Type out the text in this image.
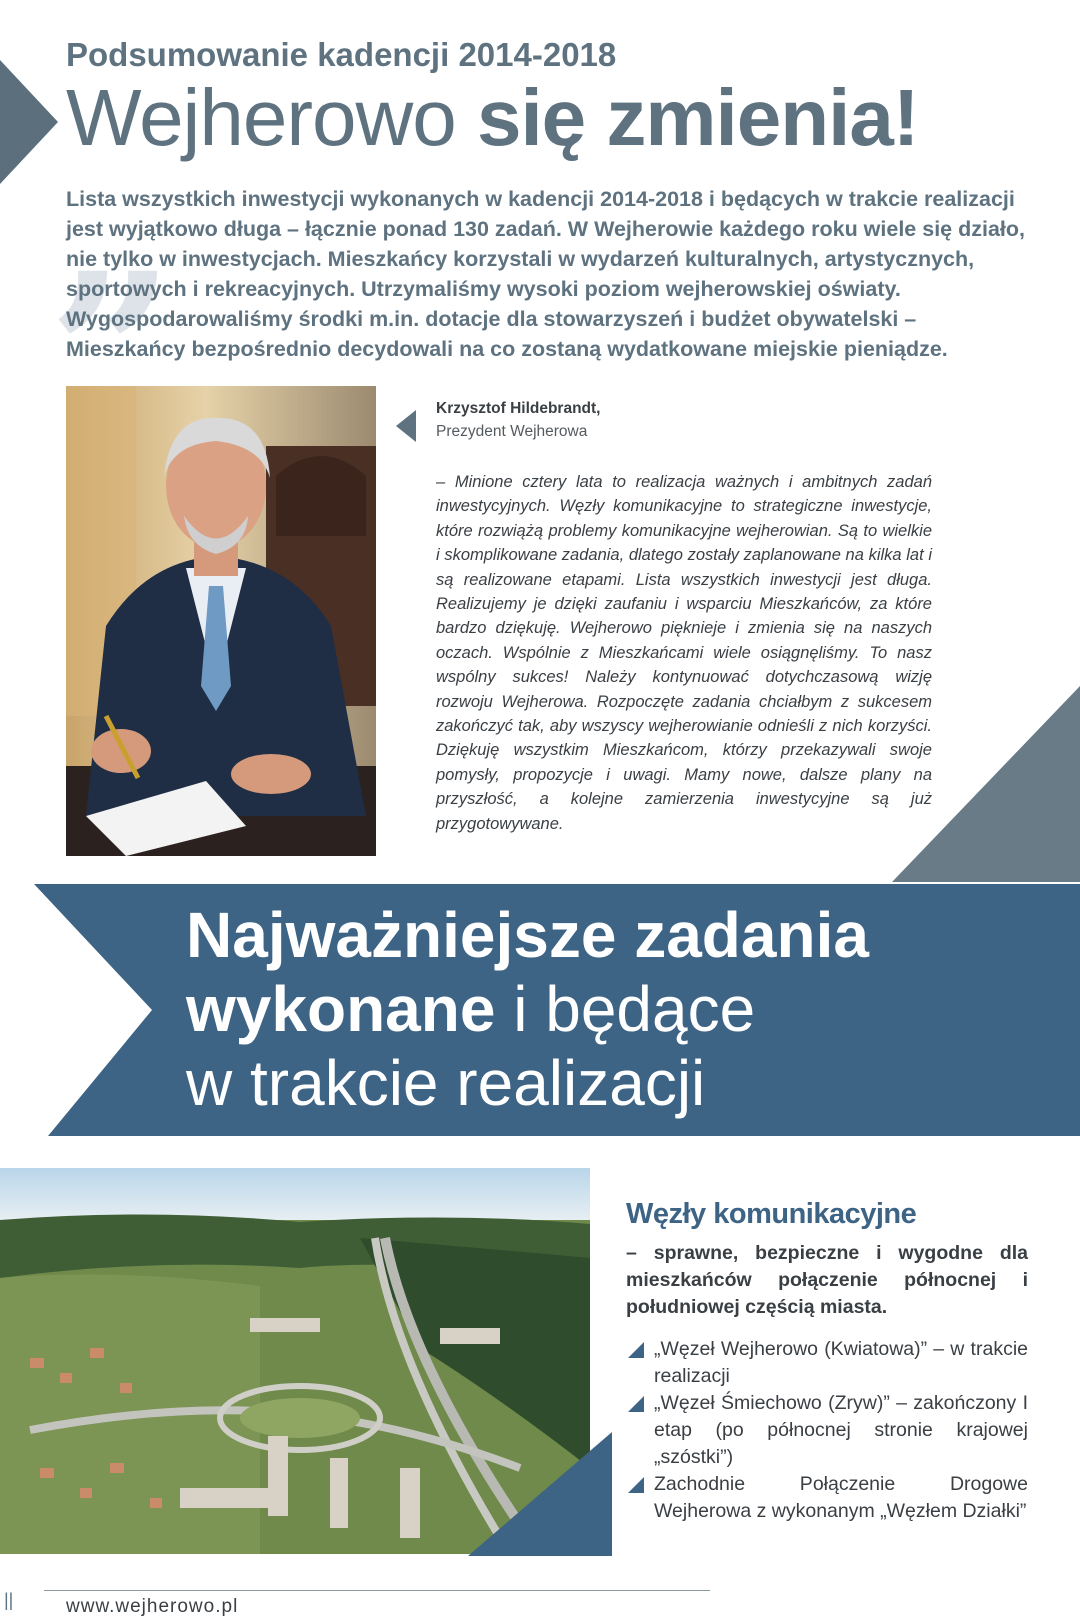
Podsumowanie kadencji 2014-2018
Wejherowo się zmienia!
„
Lista wszystkich inwestycji wykonanych w kadencji 2014-2018 i będących w trakcie realizacji jest wyjątkowo długa – łącznie ponad 130 zadań. W Wejherowie każdego roku wiele się działo, nie tylko w inwestycjach. Mieszkańcy korzystali w wydarzeń kulturalnych, artystycznych, sportowych i rekreacyjnych. Utrzymaliśmy wysoki poziom wejherowskiej oświaty. Wygospodarowaliśmy środki m.in. dotacje dla stowarzyszeń i budżet obywatelski – Mieszkańcy bezpośrednio decydowali na co zostaną wydatkowane miejskie pieniądze.
Krzysztof Hildebrandt,
Prezydent Wejherowa
– Minione cztery lata to realizacja ważnych i ambitnych zadań inwestycyjnych. Węzły komunikacyjne to strategiczne inwestycje, które rozwiążą problemy komunikacyjne wejherowian. Są to wielkie i skomplikowane zadania, dlatego zostały zaplanowane na kilka lat i są realizowane etapami. Lista wszystkich inwestycji jest długa. Realizujemy je dzięki zaufaniu i wsparciu Mieszkańców, za które bardzo dziękuję. Wejherowo pięknieje i zmienia się na naszych oczach. Wspólnie z Mieszkańcami wiele osiągnęliśmy. To nasz wspólny sukces! Należy kontynuować dotychczasową wizję rozwoju Wejherowa. Rozpoczęte zadania chciałbym z sukcesem zakończyć tak, aby wszyscy wejherowianie odnieśli z nich korzyści. Dziękuję wszystkim Mieszkańcom, którzy przekazywali swoje pomysły, propozycje i uwagi. Mamy nowe, dalsze plany na przyszłość, a kolejne zamierzenia inwestycyjne są już przygotowywane.
Najważniejsze zadania
wykonane i będące
w trakcie realizacji
Węzły komunikacyjne
– sprawne, bezpieczne i wygodne dla mieszkańców połączenie północnej i południowej częścią miasta.
„Węzeł Wejherowo (Kwiatowa)” – w trakcie realizacji
„Węzeł Śmiechowo (Zryw)” – zakończony I etap (po północnej stronie krajowej „szóstki”)
Zachodnie Połączenie Drogowe Wejherowa z wykonanym „Węzłem Działki”
||	www.wejherowo.pl
